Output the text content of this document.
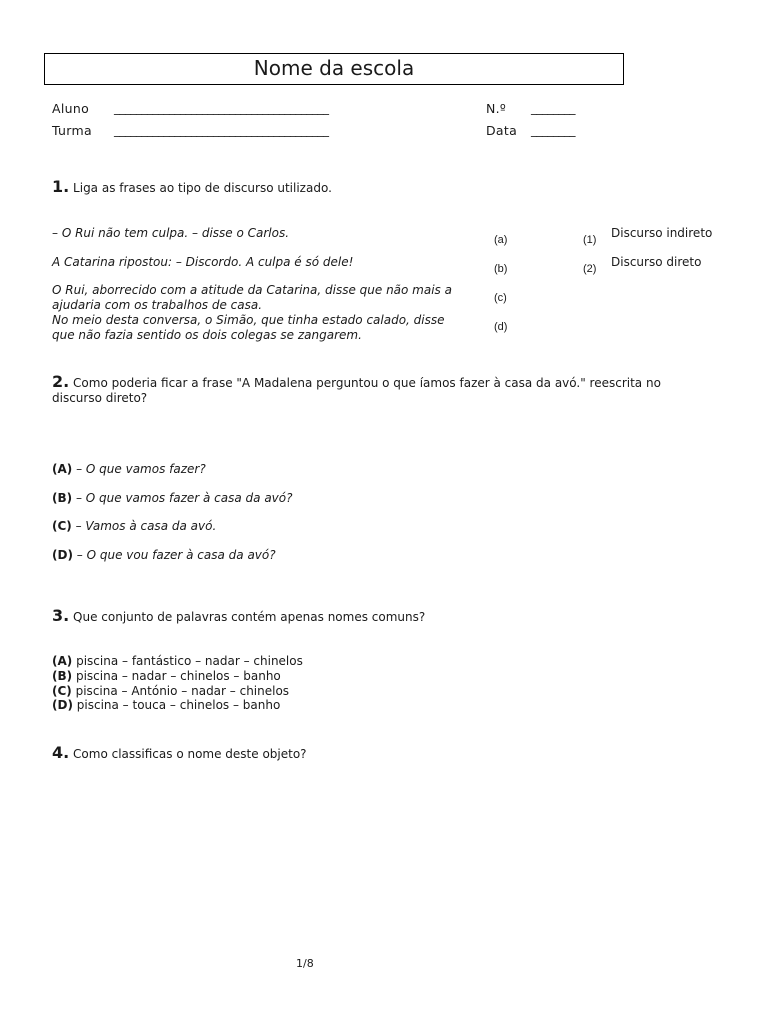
Nome da escola
Aluno _______________________________________	N.º ________
Turma _______________________________________	Data ________
1. Liga as frases ao tipo de discurso utilizado.
– O Rui não tem culpa. – disse o Carlos.
A Catarina ripostou: – Discordo. A culpa é só dele!
O Rui, aborrecido com a atitude da Catarina, disse que não mais a
ajudaria com os trabalhos de casa.
No meio desta conversa, o Simão, que tinha estado calado, disse
que não fazia sentido os dois colegas se zangarem.
(a)
(b)
(c)
(d)
(1)
(2)
Discurso indireto
Discurso direto
2. Como poderia ficar a frase "A Madalena perguntou o que íamos fazer à casa da avó." reescrita no
discurso direto?
(A) – O que vamos fazer?
(B) – O que vamos fazer à casa da avó?
(C) – Vamos à casa da avó.
(D) – O que vou fazer à casa da avó?
3. Que conjunto de palavras contém apenas nomes comuns?
(A) piscina – fantástico – nadar – chinelos
(B) piscina – nadar – chinelos – banho
(C) piscina – António – nadar – chinelos
(D) piscina – touca – chinelos – banho
4. Como classificas o nome deste objeto?
1/8
